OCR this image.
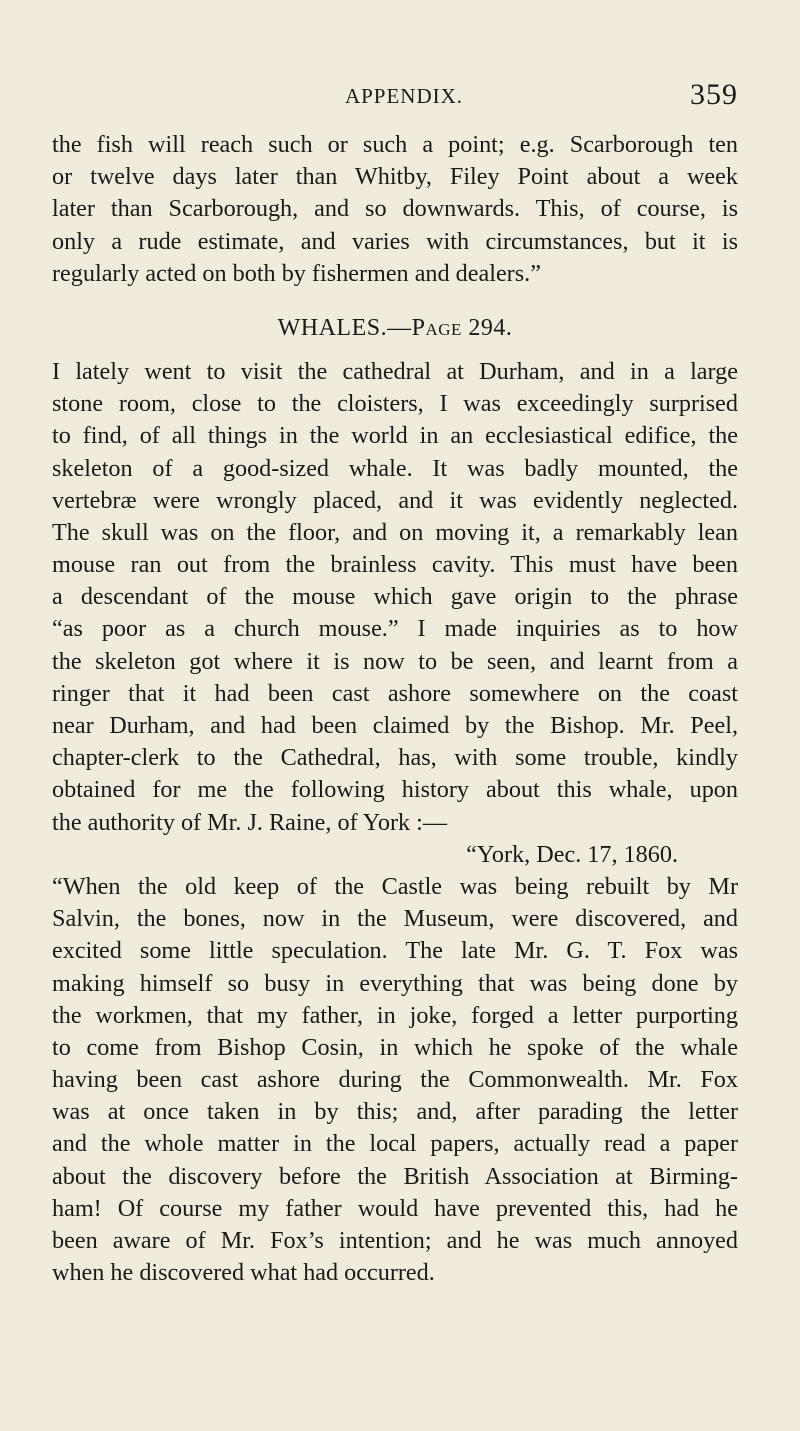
APPENDIX.	359
the fish will reach such or such a point; e.g. Scarborough ten
or twelve days later than Whitby, Filey Point about a week
later than Scarborough, and so downwards. This, of course, is
only a rude estimate, and varies with circumstances, but it is
regularly acted on both by fishermen and dealers.”
WHALES.—Page 294.
I lately went to visit the cathedral at Durham, and in a large
stone room, close to the cloisters, I was exceedingly surprised
to find, of all things in the world in an ecclesiastical edifice, the
skeleton of a good-sized whale. It was badly mounted, the
vertebræ were wrongly placed, and it was evidently neglected.
The skull was on the floor, and on moving it, a remarkably lean
mouse ran out from the brainless cavity. This must have been
a descendant of the mouse which gave origin to the phrase
“as poor as a church mouse.” I made inquiries as to how
the skeleton got where it is now to be seen, and learnt from a
ringer that it had been cast ashore somewhere on the coast
near Durham, and had been claimed by the Bishop. Mr. Peel,
chapter-clerk to the Cathedral, has, with some trouble, kindly
obtained for me the following history about this whale, upon
the authority of Mr. J. Raine, of York :—
“York, Dec. 17, 1860.
“When the old keep of the Castle was being rebuilt by Mr
Salvin, the bones, now in the Museum, were discovered, and
excited some little speculation. The late Mr. G. T. Fox was
making himself so busy in everything that was being done by
the workmen, that my father, in joke, forged a letter purporting
to come from Bishop Cosin, in which he spoke of the whale
having been cast ashore during the Commonwealth. Mr. Fox
was at once taken in by this; and, after parading the letter
and the whole matter in the local papers, actually read a paper
about the discovery before the British Association at Birming-
ham! Of course my father would have prevented this, had he
been aware of Mr. Fox’s intention; and he was much annoyed
when he discovered what had occurred.
